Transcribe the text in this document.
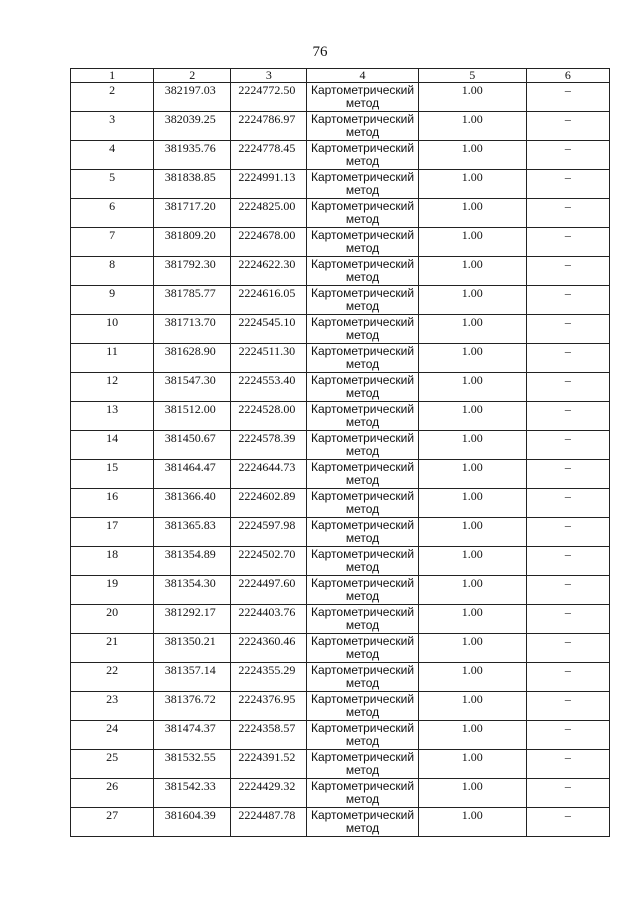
76
1	2	3	4	5	6

2	382197.03	2224772.50	Картометрический метод	1.00	–

3	382039.25	2224786.97	Картометрический метод	1.00	–

4	381935.76	2224778.45	Картометрический метод	1.00	–

5	381838.85	2224991.13	Картометрический метод	1.00	–

6	381717.20	2224825.00	Картометрический метод	1.00	–

7	381809.20	2224678.00	Картометрический метод	1.00	–

8	381792.30	2224622.30	Картометрический метод	1.00	–

9	381785.77	2224616.05	Картометрический метод	1.00	–

10	381713.70	2224545.10	Картометрический метод	1.00	–

11	381628.90	2224511.30	Картометрический метод	1.00	–

12	381547.30	2224553.40	Картометрический метод	1.00	–

13	381512.00	2224528.00	Картометрический метод	1.00	–

14	381450.67	2224578.39	Картометрический метод	1.00	–

15	381464.47	2224644.73	Картометрический метод	1.00	–

16	381366.40	2224602.89	Картометрический метод	1.00	–

17	381365.83	2224597.98	Картометрический метод	1.00	–

18	381354.89	2224502.70	Картометрический метод	1.00	–

19	381354.30	2224497.60	Картометрический метод	1.00	–

20	381292.17	2224403.76	Картометрический метод	1.00	–

21	381350.21	2224360.46	Картометрический метод	1.00	–

22	381357.14	2224355.29	Картометрический метод	1.00	–

23	381376.72	2224376.95	Картометрический метод	1.00	–

24	381474.37	2224358.57	Картометрический метод	1.00	–

25	381532.55	2224391.52	Картометрический метод	1.00	–

26	381542.33	2224429.32	Картометрический метод	1.00	–

27	381604.39	2224487.78	Картометрический метод	1.00	–
